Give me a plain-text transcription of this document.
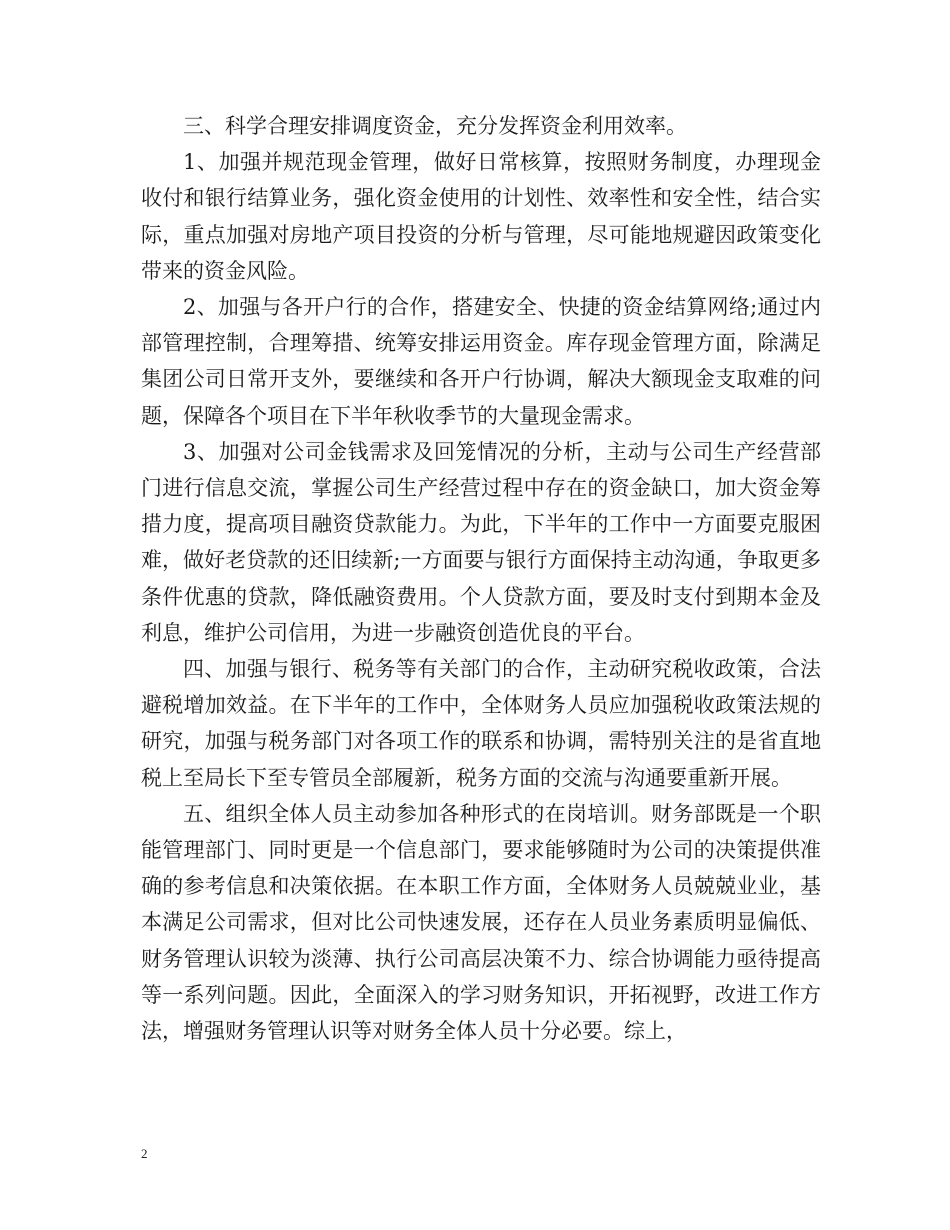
三、科学合理安排调度资金，充分发挥资金利用效率。

1、加强并规范现金管理，做好日常核算，按照财务制度，办理现金收付和银行结算业务，强化资金使用的计划性、效率性和安全性，结合实际，重点加强对房地产项目投资的分析与管理，尽可能地规避因政策变化带来的资金风险。

2、加强与各开户行的合作，搭建安全、快捷的资金结算网络;通过内部管理控制，合理筹措、统筹安排运用资金。库存现金管理方面，除满足集团公司日常开支外，要继续和各开户行协调，解决大额现金支取难的问题，保障各个项目在下半年秋收季节的大量现金需求。

3、加强对公司金钱需求及回笼情况的分析，主动与公司生产经营部门进行信息交流，掌握公司生产经营过程中存在的资金缺口，加大资金筹措力度，提高项目融资贷款能力。为此，下半年的工作中一方面要克服困难，做好老贷款的还旧续新;一方面要与银行方面保持主动沟通，争取更多条件优惠的贷款，降低融资费用。个人贷款方面，要及时支付到期本金及利息，维护公司信用，为进一步融资创造优良的平台。

四、加强与银行、税务等有关部门的合作，主动研究税收政策，合法避税增加效益。在下半年的工作中，全体财务人员应加强税收政策法规的研究，加强与税务部门对各项工作的联系和协调，需特别关注的是省直地税上至局长下至专管员全部履新，税务方面的交流与沟通要重新开展。

五、组织全体人员主动参加各种形式的在岗培训。财务部既是一个职能管理部门、同时更是一个信息部门，要求能够随时为公司的决策提供准确的参考信息和决策依据。在本职工作方面，全体财务人员兢兢业业，基本满足公司需求，但对比公司快速发展，还存在人员业务素质明显偏低、财务管理认识较为淡薄、执行公司高层决策不力、综合协调能力亟待提高等一系列问题。因此，全面深入的学习财务知识，开拓视野，改进工作方法，增强财务管理认识等对财务全体人员十分必要。综上，

2
